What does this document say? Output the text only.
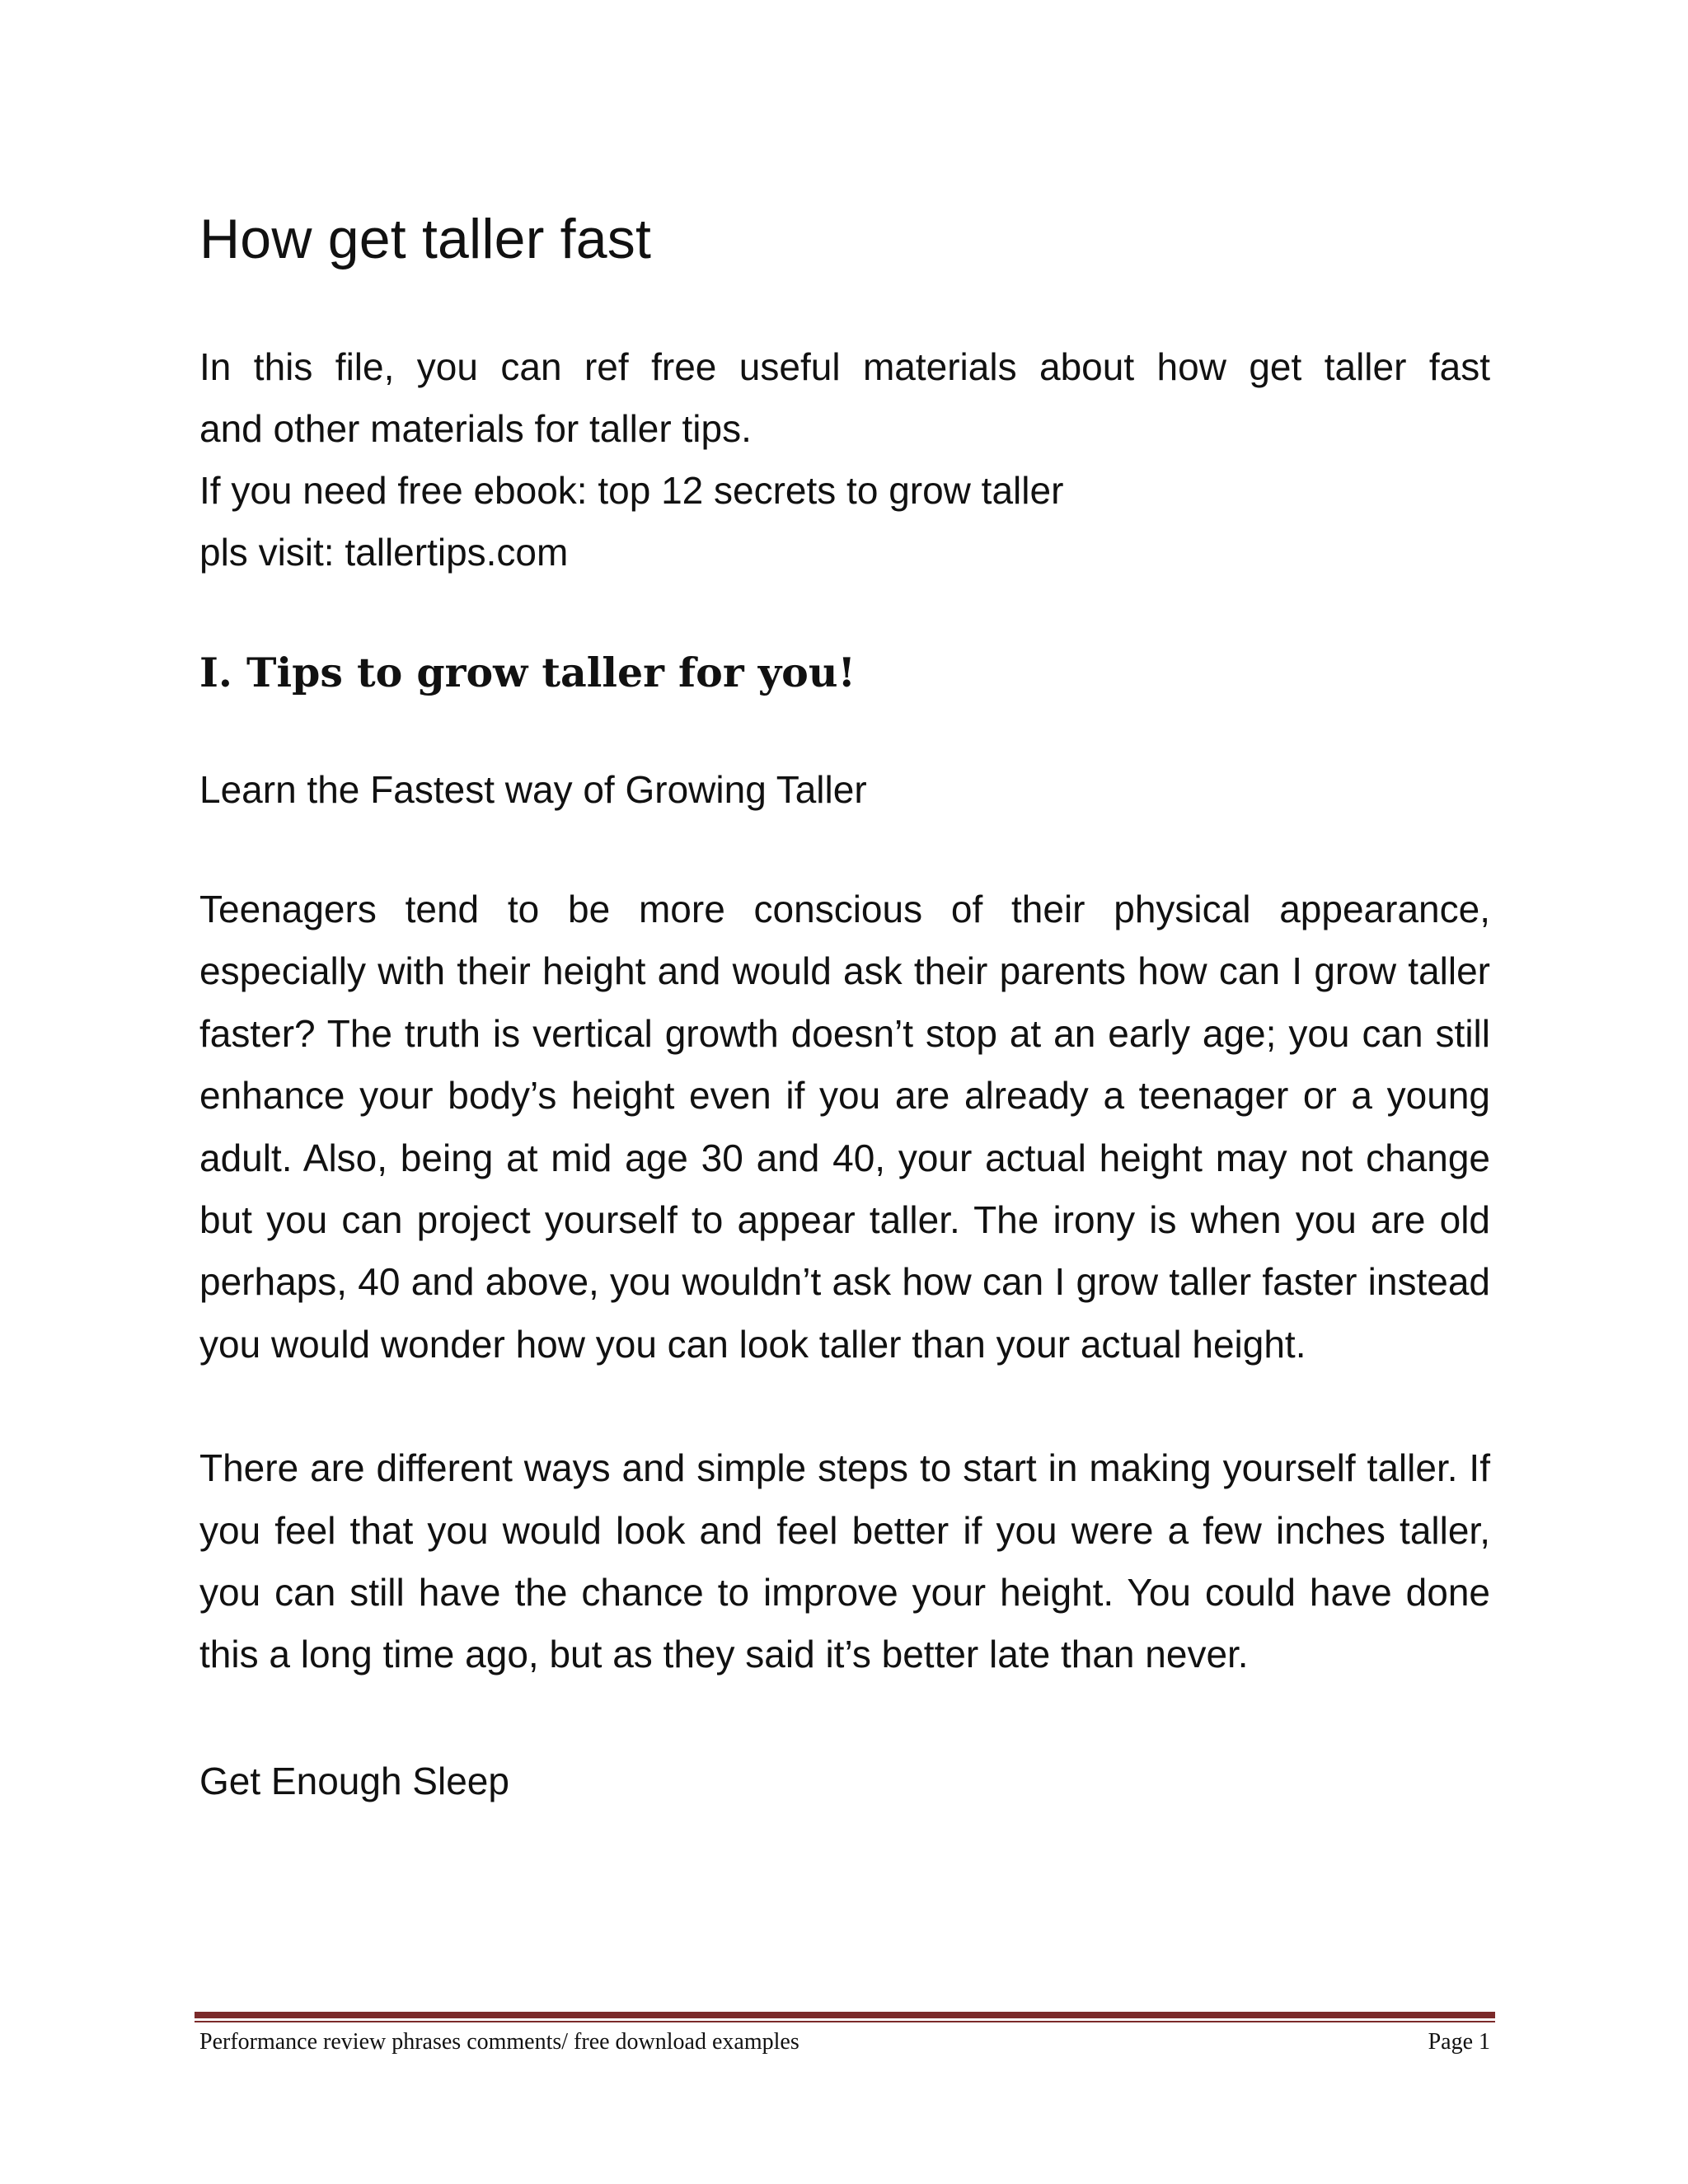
How get taller fast
In this file, you can ref free useful materials about how get taller fast
and other materials for taller tips.
If you need free ebook: top 12 secrets to grow taller
pls visit: tallertips.com
I. Tips to grow taller for you!
Learn the Fastest way of Growing Taller

Teenagers tend to be more conscious of their physical appearance, especially with their height and would ask their parents how can I grow taller faster? The truth is vertical growth doesn’t stop at an early age; you can still enhance your body’s height even if you are already a teenager or a young adult. Also, being at mid age 30 and 40, your actual height may not change but you can project yourself to appear taller. The irony is when you are old perhaps, 40 and above, you wouldn’t ask how can I grow taller faster instead you would wonder how you can look taller than your actual height.

There are different ways and simple steps to start in making yourself taller. If you feel that you would look and feel better if you were a few inches taller, you can still have the chance to improve your height. You could have done this a long time ago, but as they said it’s better late than never.

Get Enough Sleep
Performance review phrases comments/ free download examples	Page 1
